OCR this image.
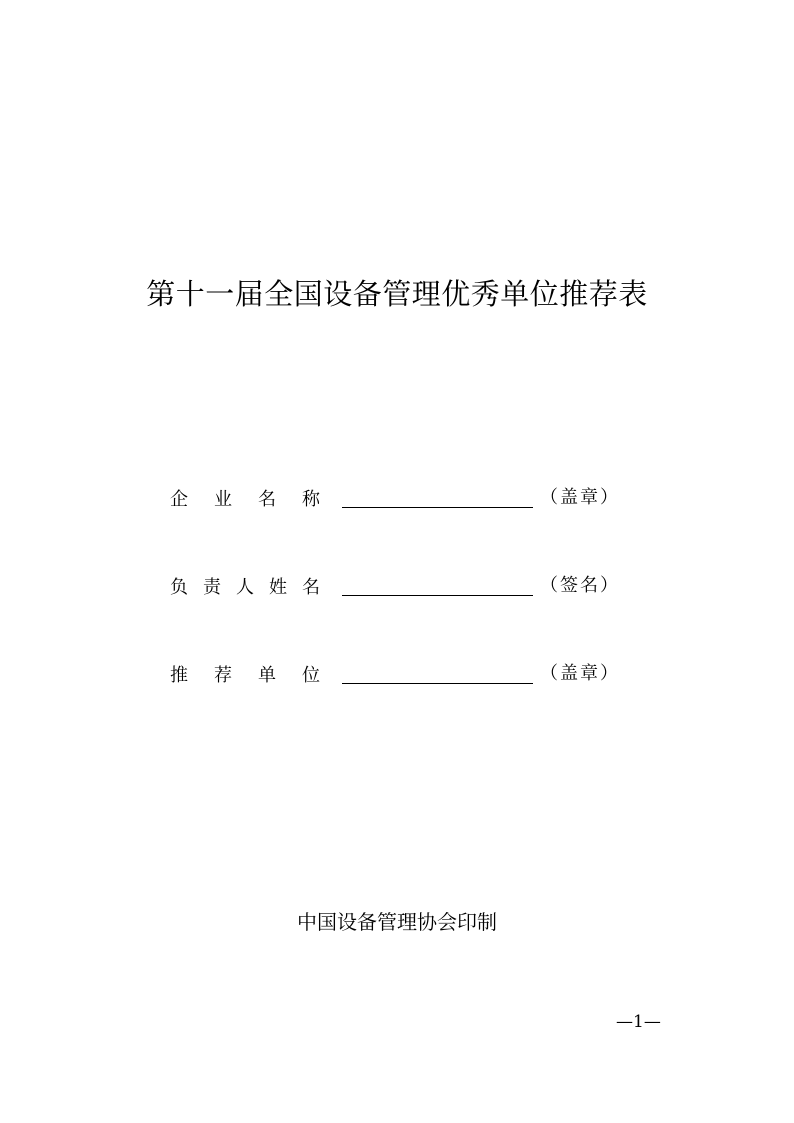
第十一届全国设备管理优秀单位推荐表
企 业 名 称	（盖章）
负 责 人 姓 名	（签名）
推 荐 单 位	（盖章）
中国设备管理协会印制
—1—
